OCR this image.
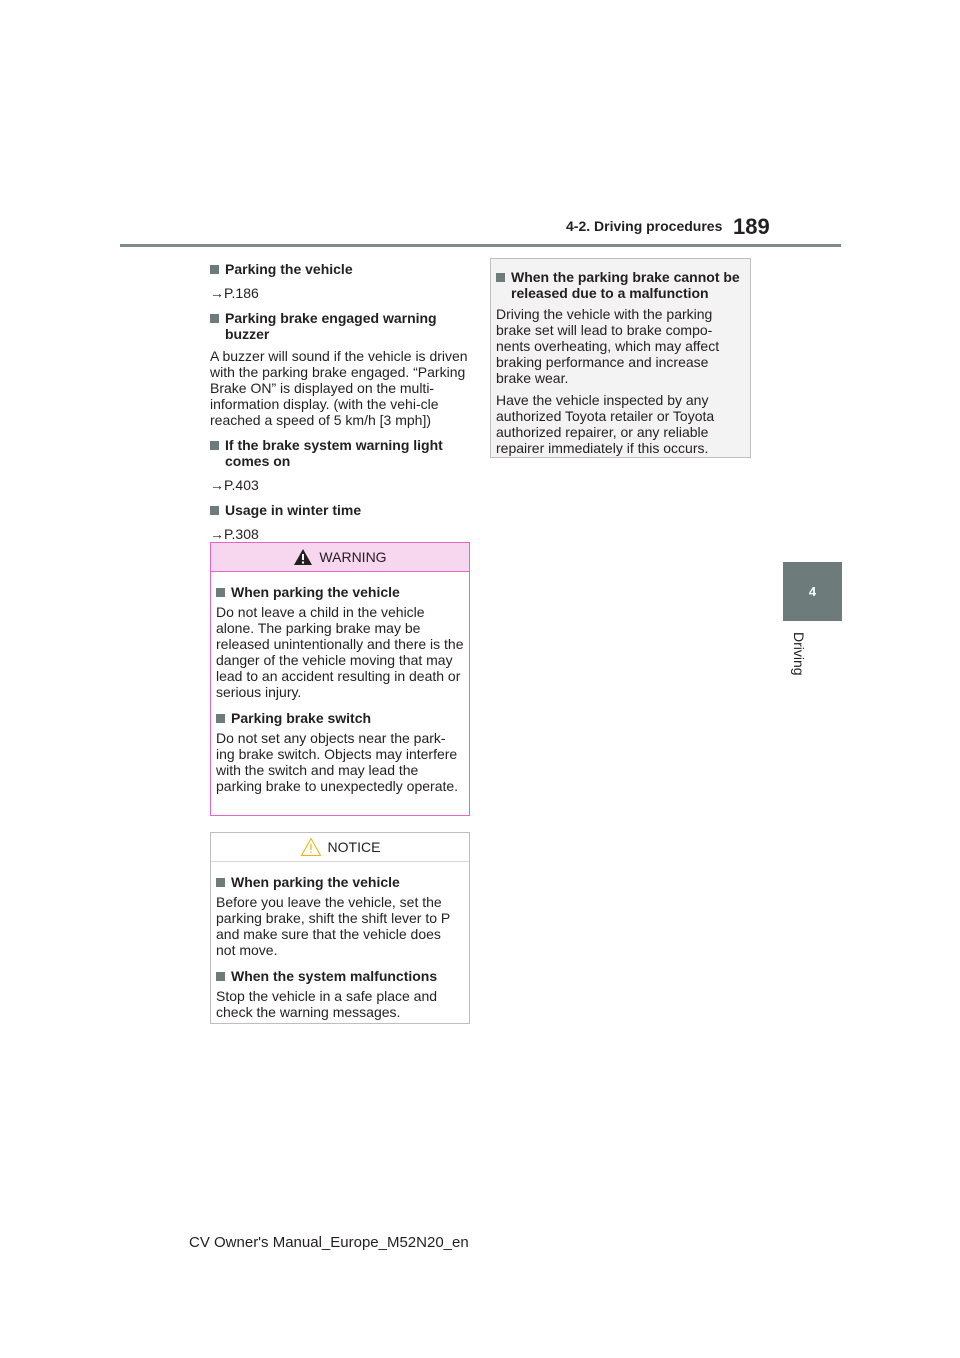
4-2. Driving procedures 189
4
Driving
Parking the vehicle

→P.186

Parking brake engaged warning buzzer

A buzzer will sound if the vehicle is driven with the parking brake engaged. “Parking Brake ON” is displayed on the multi-information display. (with the vehi-cle reached a speed of 5 km/h [3 mph])

If the brake system warning light comes on

→P.403

Usage in winter time

→P.308

WARNING
When parking the vehicle

Do not leave a child in the vehicle alone. The parking brake may be released unintentionally and there is the danger of the vehicle moving that may lead to an accident resulting in death or serious injury.

Parking brake switch

Do not set any objects near the park-ing brake switch. Objects may interfere with the switch and may lead the parking brake to unexpectedly operate.

NOTICE
When parking the vehicle

Before you leave the vehicle, set the parking brake, shift the shift lever to P and make sure that the vehicle does not move.

When the system malfunctions

Stop the vehicle in a safe place and check the warning messages.

When the parking brake cannot be released due to a malfunction

Driving the vehicle with the parking brake set will lead to brake compo-nents overheating, which may affect braking performance and increase brake wear.

Have the vehicle inspected by any authorized Toyota retailer or Toyota authorized repairer, or any reliable repairer immediately if this occurs.

CV Owner's Manual_Europe_M52N20_en
